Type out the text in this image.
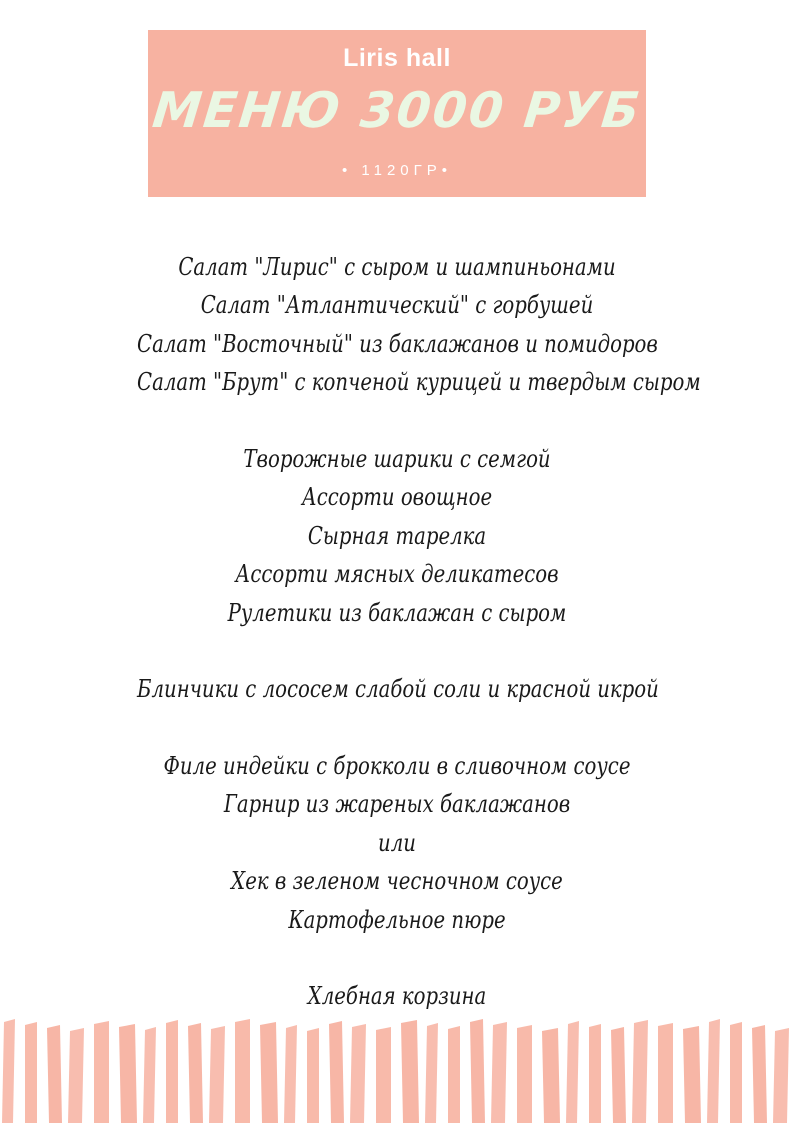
Liris hall
МЕНЮ 3000 РУБ
• 1120ГР•
Салат "Лирис" с сыром и шампиньонами
Салат "Атлантический" с горбушей
Салат "Восточный" из баклажанов и помидоров
Салат "Брут" с копченой курицей и твердым сыром
Творожные шарики с семгой
Ассорти овощное
Сырная тарелка
Ассорти мясных деликатесов
Рулетики из баклажан с сыром
Блинчики с лососем слабой соли и красной икрой
Филе индейки с брокколи в сливочном соусе
Гарнир из жареных баклажанов
или
Хек в зеленом чесночном соусе
Картофельное пюре
Хлебная корзина
